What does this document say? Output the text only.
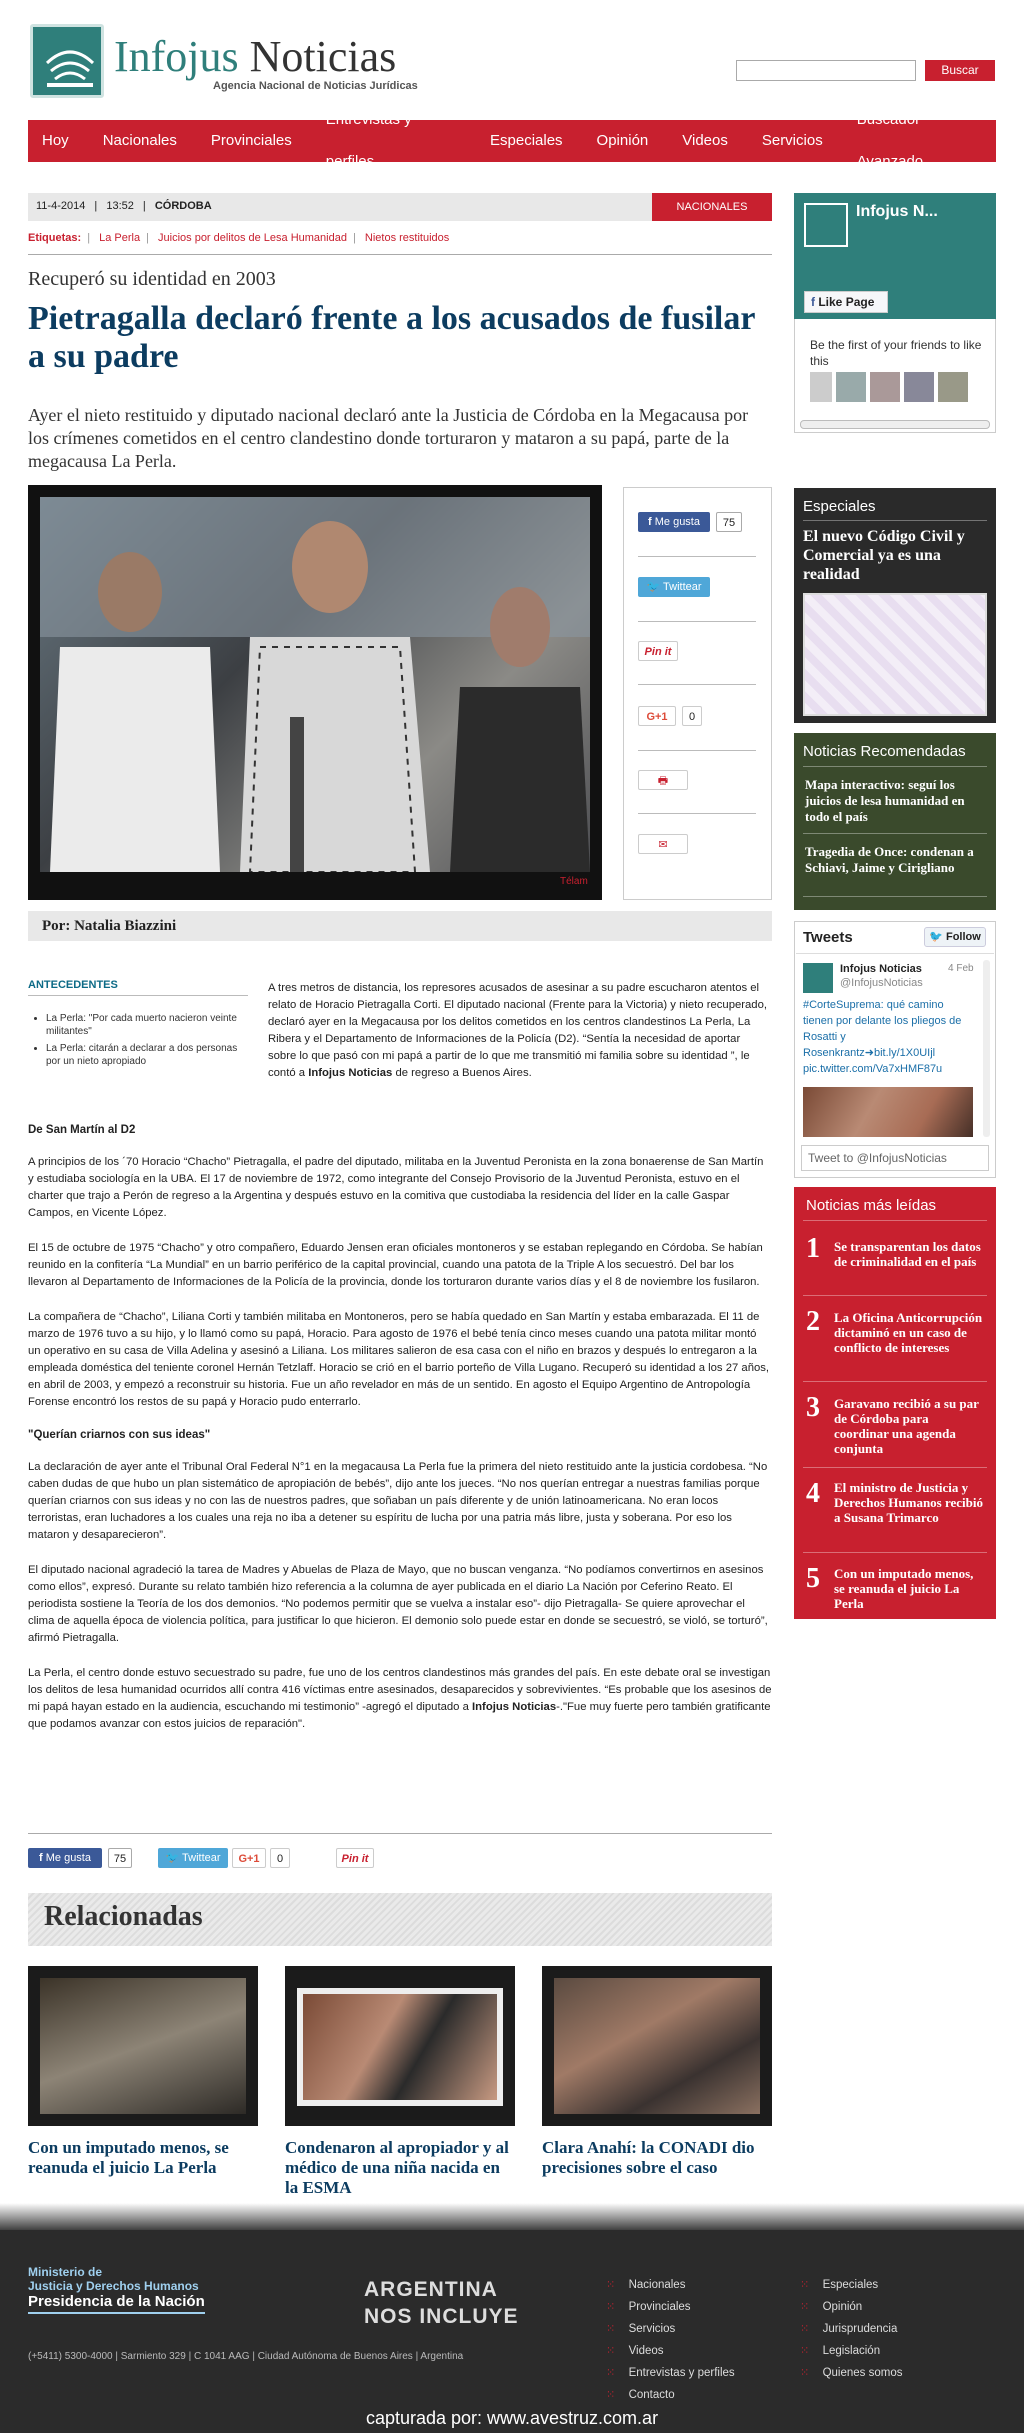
Infojus Noticias
Agencia Nacional de Noticias Jurídicas
Buscar
Hoy	Nacionales	Provinciales
Entrevistas y perfiles
Especiales	Opinión	Videos	Servicios
Buscador Avanzado
11-4-2014 | 13:52 | CÓRDOBA	NACIONALES
Etiquetas: | La Perla | Juicios por delitos de Lesa Humanidad | Nietos restituidos
Recuperó su identidad en 2003
Pietragalla declaró frente a los acusados de fusilar a su padre
Ayer el nieto restituido y diputado nacional declaró ante la Justicia de Córdoba en la Megacausa por los crímenes cometidos en el centro clandestino donde torturaron y mataron a su papá, parte de la megacausa La Perla.
Télam
f Me gusta	75
🐦 Twittear
Pin it
G+1	0
🖶
✉
Por: Natalia Biazzini
ANTECEDENTES
• La Perla: "Por cada muerto nacieron veinte militantes"
• La Perla: citarán a declarar a dos personas por un nieto apropiado
A tres metros de distancia, los represores acusados de asesinar a su padre escucharon atentos el relato de Horacio Pietragalla Corti. El diputado nacional (Frente para la Victoria) y nieto recuperado, declaró ayer en la Megacausa por los delitos cometidos en los centros clandestinos La Perla, La Ribera y el Departamento de Informaciones de la Policía (D2). “Sentía la necesidad de aportar sobre lo que pasó con mi papá a partir de lo que me transmitió mi familia sobre su identidad ”, le contó a Infojus Noticias de regreso a Buenos Aires.
De San Martín al D2
A principios de los ´70 Horacio “Chacho” Pietragalla, el padre del diputado, militaba en la Juventud Peronista en la zona bonaerense de San Martín y estudiaba sociología en la UBA. El 17 de noviembre de 1972, como integrante del Consejo Provisorio de la Juventud Peronista, estuvo en el charter que trajo a Perón de regreso a la Argentina y después estuvo en la comitiva que custodiaba la residencia del líder en la calle Gaspar Campos, en Vicente López.
El 15 de octubre de 1975 “Chacho” y otro compañero, Eduardo Jensen eran oficiales montoneros y se estaban replegando en Córdoba. Se habían reunido en la confitería “La Mundial” en un barrio periférico de la capital provincial, cuando una patota de la Triple A los secuestró. Del bar los llevaron al Departamento de Informaciones de la Policía de la provincia, donde los torturaron durante varios días y el 8 de noviembre los fusilaron.
La compañera de “Chacho”, Liliana Corti y también militaba en Montoneros, pero se había quedado en San Martín y estaba embarazada. El 11 de marzo de 1976 tuvo a su hijo, y lo llamó como su papá, Horacio. Para agosto de 1976 el bebé tenía cinco meses cuando una patota militar montó un operativo en su casa de Villa Adelina y asesinó a Liliana. Los militares salieron de esa casa con el niño en brazos y después lo entregaron a la empleada doméstica del teniente coronel Hernán Tetzlaff. Horacio se crió en el barrio porteño de Villa Lugano. Recuperó su identidad a los 27 años, en abril de 2003, y empezó a reconstruir su historia. Fue un año revelador en más de un sentido. En agosto el Equipo Argentino de Antropología Forense encontró los restos de su papá y Horacio pudo enterrarlo.
"Querían criarnos con sus ideas"
La declaración de ayer ante el Tribunal Oral Federal N°1 en la megacausa La Perla fue la primera del nieto restituido ante la justicia cordobesa. “No caben dudas de que hubo un plan sistemático de apropiación de bebés”, dijo ante los jueces. “No nos querían entregar a nuestras familias porque querían criarnos con sus ideas y no con las de nuestros padres, que soñaban un país diferente y de unión latinoamericana. No eran locos terroristas, eran luchadores a los cuales una reja no iba a detener su espíritu de lucha por una patria más libre, justa y soberana. Por eso los mataron y desaparecieron”.
El diputado nacional agradeció la tarea de Madres y Abuelas de Plaza de Mayo, que no buscan venganza. “No podíamos convertirnos en asesinos como ellos”, expresó. Durante su relato también hizo referencia a la columna de ayer publicada en el diario La Nación por Ceferino Reato. El periodista sostiene la Teoría de los dos demonios. “No podemos permitir que se vuelva a instalar eso”- dijo Pietragalla- Se quiere aprovechar el clima de aquella época de violencia política, para justificar lo que hicieron. El demonio solo puede estar en donde se secuestró, se violó, se torturó”, afirmó Pietragalla.
La Perla, el centro donde estuvo secuestrado su padre, fue uno de los centros clandestinos más grandes del país. En este debate oral se investigan los delitos de lesa humanidad ocurridos allí contra 416 víctimas entre asesinados, desaparecidos y sobrevivientes. “Es probable que los asesinos de mi papá hayan estado en la audiencia, escuchando mi testimonio” -agregó el diputado a Infojus Noticias-."Fue muy fuerte pero también gratificante que podamos avanzar con estos juicios de reparación".
f Me gusta	75	🐦 Twittear	G+1	0	Pin it
Relacionadas
Con un imputado menos, se reanuda el juicio La Perla
Condenaron al apropiador y al médico de una niña nacida en la ESMA
Clara Anahí: la CONADI dio precisiones sobre el caso
Infojus N...
f Like Page
Be the first of your friends to like this
Especiales
El nuevo Código Civil y Comercial ya es una realidad
Noticias Recomendadas
Mapa interactivo: seguí los juicios de lesa humanidad en todo el país
Tragedia de Once: condenan a Schiavi, Jaime y Cirigliano
Tweets	🐦 Follow
Infojus Noticias	4 Feb
@InfojusNoticias
#CorteSuprema: qué camino tienen por delante los pliegos de Rosatti y Rosenkrantz➜bit.ly/1X0UIjl pic.twitter.com/Va7xHMF87u
Tweet to @InfojusNoticias
Noticias más leídas
1	Se transparentan los datos de criminalidad en el país
2	La Oficina Anticorrupción dictaminó en un caso de conflicto de intereses
3	Garavano recibió a su par de Córdoba para coordinar una agenda conjunta
4	El ministro de Justicia y Derechos Humanos recibió a Susana Trimarco
5	Con un imputado menos, se reanuda el juicio La Perla
Ministerio de
Justicia y Derechos Humanos
Presidencia de la Nación
ARGENTINA
NOS INCLUYE
(+5411) 5300-4000 | Sarmiento 329 | C 1041 AAG | Ciudad Autónoma de Buenos Aires | Argentina
⁙ Nacionales
⁙ Provinciales
⁙ Servicios
⁙ Videos
⁙ Entrevistas y perfiles
⁙ Contacto
⁙ Especiales
⁙ Opinión
⁙ Jurisprudencia
⁙ Legislación
⁙ Quienes somos
capturada por: www.avestruz.com.ar
